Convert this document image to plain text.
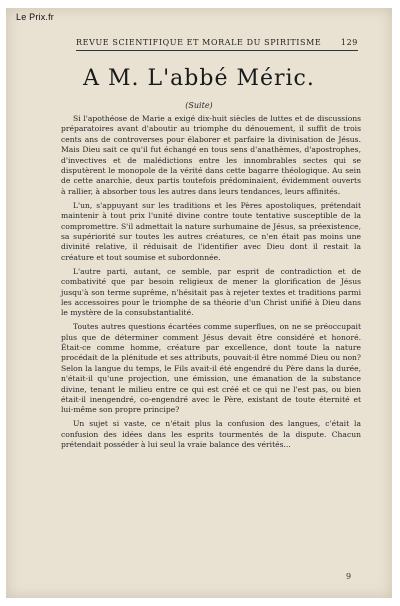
Le Prix.fr
REVUE SCIENTIFIQUE ET MORALE DU SPIRITISME 129
A M. L'abbé Méric.
(Suite)

Si l'apothéose de Marie a exigé dix-huit siècles de luttes et de discussions préparatoires avant d'aboutir au triomphe du dénouement, il suffit de trois cents ans de controverses pour élaborer et parfaire la divinisation de Jésus. Mais Dieu sait ce qu'il fut échangé en tous sens d'anathèmes, d'apostrophes, d'invectives et de malédictions entre les innombrables sectes qui se disputèrent le monopole de la vérité dans cette bagarre théologique. Au sein de cette anarchie, deux partis toutefois prédominaient, évidemment ouverts à rallier, à absorber tous les autres dans leurs tendances, leurs affinités.

L'un, s'appuyant sur les traditions et les Pères apostoliques, prétendait maintenir à tout prix l'unité divine contre toute tentative susceptible de la compromettre. S'il admettait la nature surhumaine de Jésus, sa préexistence, sa supériorité sur toutes les autres créatures, ce n'en était pas moins une divinité relative, il réduisait de l'identifier avec Dieu dont il restait la créature et tout soumise et subordonnée.

L'autre parti, autant, ce semble, par esprit de contradiction et de combativité que par besoin religieux de mener la glorification de Jésus jusqu'à son terme suprême, n'hésitait pas à rejeter textes et traditions parmi les accessoires pour le triomphe de sa théorie d'un Christ unifié à Dieu dans le mystère de la consubstantialité.

Toutes autres questions écartées comme superflues, on ne se préoccupait plus que de déterminer comment Jésus devait être considéré et honoré. Était-ce comme homme, créature par excellence, dont toute la nature procédait de la plénitude et ses attributs, pouvait-il être nommé Dieu ou non? Selon la langue du temps, le Fils avait-il été engendré du Père dans la durée, n'était-il qu'une projection, une émission, une émanation de la substance divine, tenant le milieu entre ce qui est créé et ce qui ne l'est pas, ou bien était-il inengendré, co-engendré avec le Père, existant de toute éternité et lui-même son propre principe?

Un sujet si vaste, ce n'était plus la confusion des langues, c'était la confusion des idées dans les esprits tourmentés de la dispute. Chacun prétendait posséder à lui seul la vraie balance des vérités...

9
